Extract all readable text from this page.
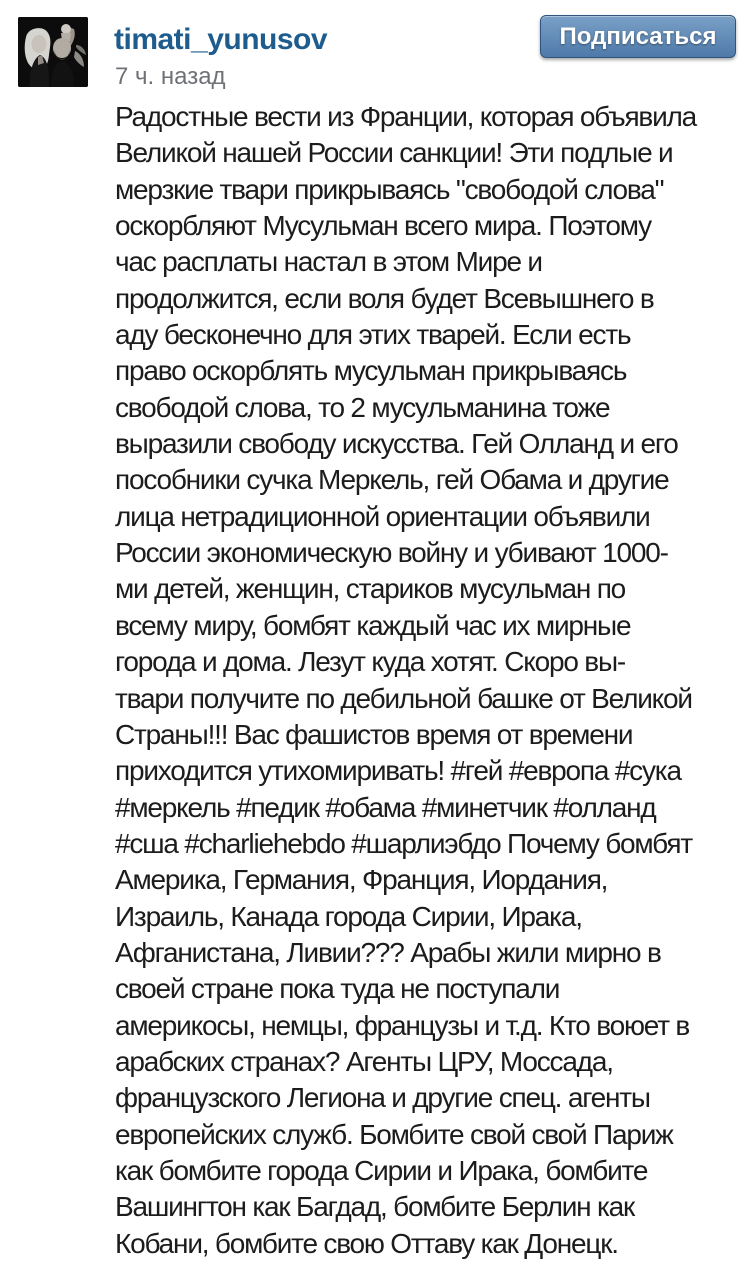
timati_yunusov
7 ч. назад
Подписаться
Радостные вести из Франции, которая объявила
Великой нашей России санкции! Эти подлые и
мерзкие твари прикрываясь "свободой слова"
оскорбляют Мусульман всего мира. Поэтому
час расплаты настал в этом Мире и
продолжится, если воля будет Всевышнего в
аду бесконечно для этих тварей. Если есть
право оскорблять мусульман прикрываясь
свободой слова, то 2 мусульманина тоже
выразили свободу искусства. Гей Олланд и его
пособники сучка Меркель, гей Обама и другие
лица нетрадиционной ориентации объявили
России экономическую войну и убивают 1000-
ми детей, женщин, стариков мусульман по
всему миру, бомбят каждый час их мирные
города и дома. Лезут куда хотят. Скоро вы-
твари получите по дебильной башке от Великой
Страны!!! Вас фашистов время от времени
приходится утихомиривать! #гей #европа #сука
#меркель #педик #обама #минетчик #олланд
#сша #charliehebdo #шарлиэбдо Почему бомбят
Америка, Германия, Франция, Иордания,
Израиль, Канада города Сирии, Ирака,
Афганистана, Ливии??? Арабы жили мирно в
своей стране пока туда не поступали
америкосы, немцы, французы и т.д. Кто воюет в
арабских странах? Агенты ЦРУ, Моссада,
французского Легиона и другие спец. агенты
европейских служб. Бомбите свой свой Париж
как бомбите города Сирии и Ирака, бомбите
Вашингтон как Багдад, бомбите Берлин как
Кобани, бомбите свою Оттаву как Донецк.
